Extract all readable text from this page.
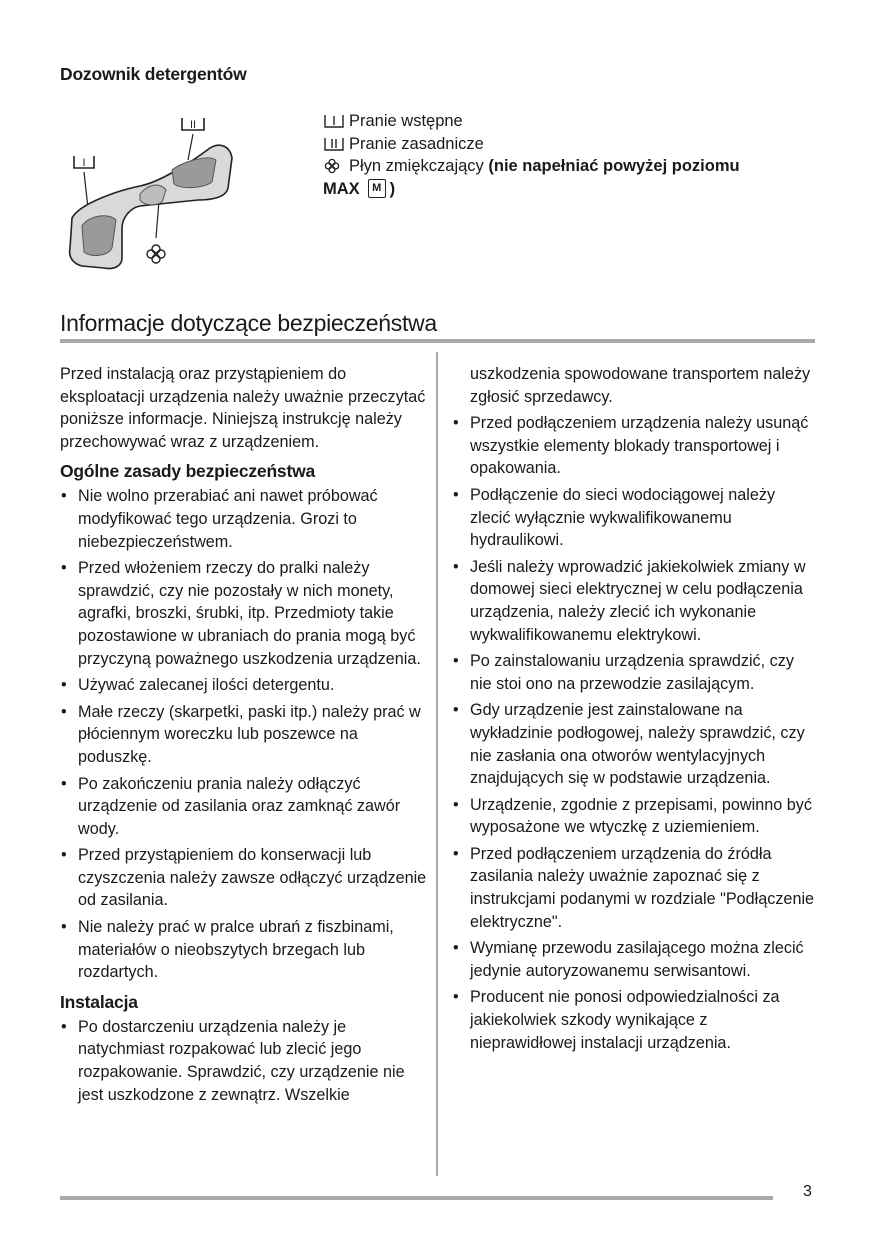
Dozownik detergentów
I
II	Pranie wstępne
Pranie zasadnicze
Płyn zmiękczający (nie napełniać powyżej poziomu
MAX	M )
Informacje dotyczące bezpieczeństwa

Przed instalacją oraz przystąpieniem do eksploatacji urządzenia należy uważnie przeczytać poniższe informacje. Niniejszą instrukcję należy przechowywać wraz z urządzeniem.

Ogólne zasady bezpieczeństwa
• Nie wolno przerabiać ani nawet próbować modyfikować tego urządzenia. Grozi to niebezpieczeństwem.
• Przed włożeniem rzeczy do pralki należy sprawdzić, czy nie pozostały w nich monety, agrafki, broszki, śrubki, itp. Przedmioty takie pozostawione w ubraniach do prania mogą być przyczyną poważnego uszkodzenia urządzenia.
• Używać zalecanej ilości detergentu.
• Małe rzeczy (skarpetki, paski itp.) należy prać w płóciennym woreczku lub poszewce na poduszkę.
• Po zakończeniu prania należy odłączyć urządzenie od zasilania oraz zamknąć zawór wody.
• Przed przystąpieniem do konserwacji lub czyszczenia należy zawsze odłączyć urządzenie od zasilania.
• Nie należy prać w pralce ubrań z fiszbinami, materiałów o nieobszytych brzegach lub rozdartych.
Instalacja
• Po dostarczeniu urządzenia należy je natychmiast rozpakować lub zlecić jego rozpakowanie. Sprawdzić, czy urządzenie nie jest uszkodzone z zewnątrz. Wszelkie
uszkodzenia spowodowane transportem należy zgłosić sprzedawcy.
• Przed podłączeniem urządzenia należy usunąć wszystkie elementy blokady transportowej i opakowania.
• Podłączenie do sieci wodociągowej należy zlecić wyłącznie wykwalifikowanemu hydraulikowi.
• Jeśli należy wprowadzić jakiekolwiek zmiany w domowej sieci elektrycznej w celu podłączenia urządzenia, należy zlecić ich wykonanie wykwalifikowanemu elektrykowi.
• Po zainstalowaniu urządzenia sprawdzić, czy nie stoi ono na przewodzie zasilającym.
• Gdy urządzenie jest zainstalowane na wykładzinie podłogowej, należy sprawdzić, czy nie zasłania ona otworów wentylacyjnych znajdujących się w podstawie urządzenia.
• Urządzenie, zgodnie z przepisami, powinno być wyposażone we wtyczkę z uziemieniem.
• Przed podłączeniem urządzenia do źródła zasilania należy uważnie zapoznać się z instrukcjami podanymi w rozdziale "Podłączenie elektryczne".
• Wymianę przewodu zasilającego można zlecić jedynie autoryzowanemu serwisantowi.
• Producent nie ponosi odpowiedzialności za jakiekolwiek szkody wynikające z nieprawidłowej instalacji urządzenia.
3
